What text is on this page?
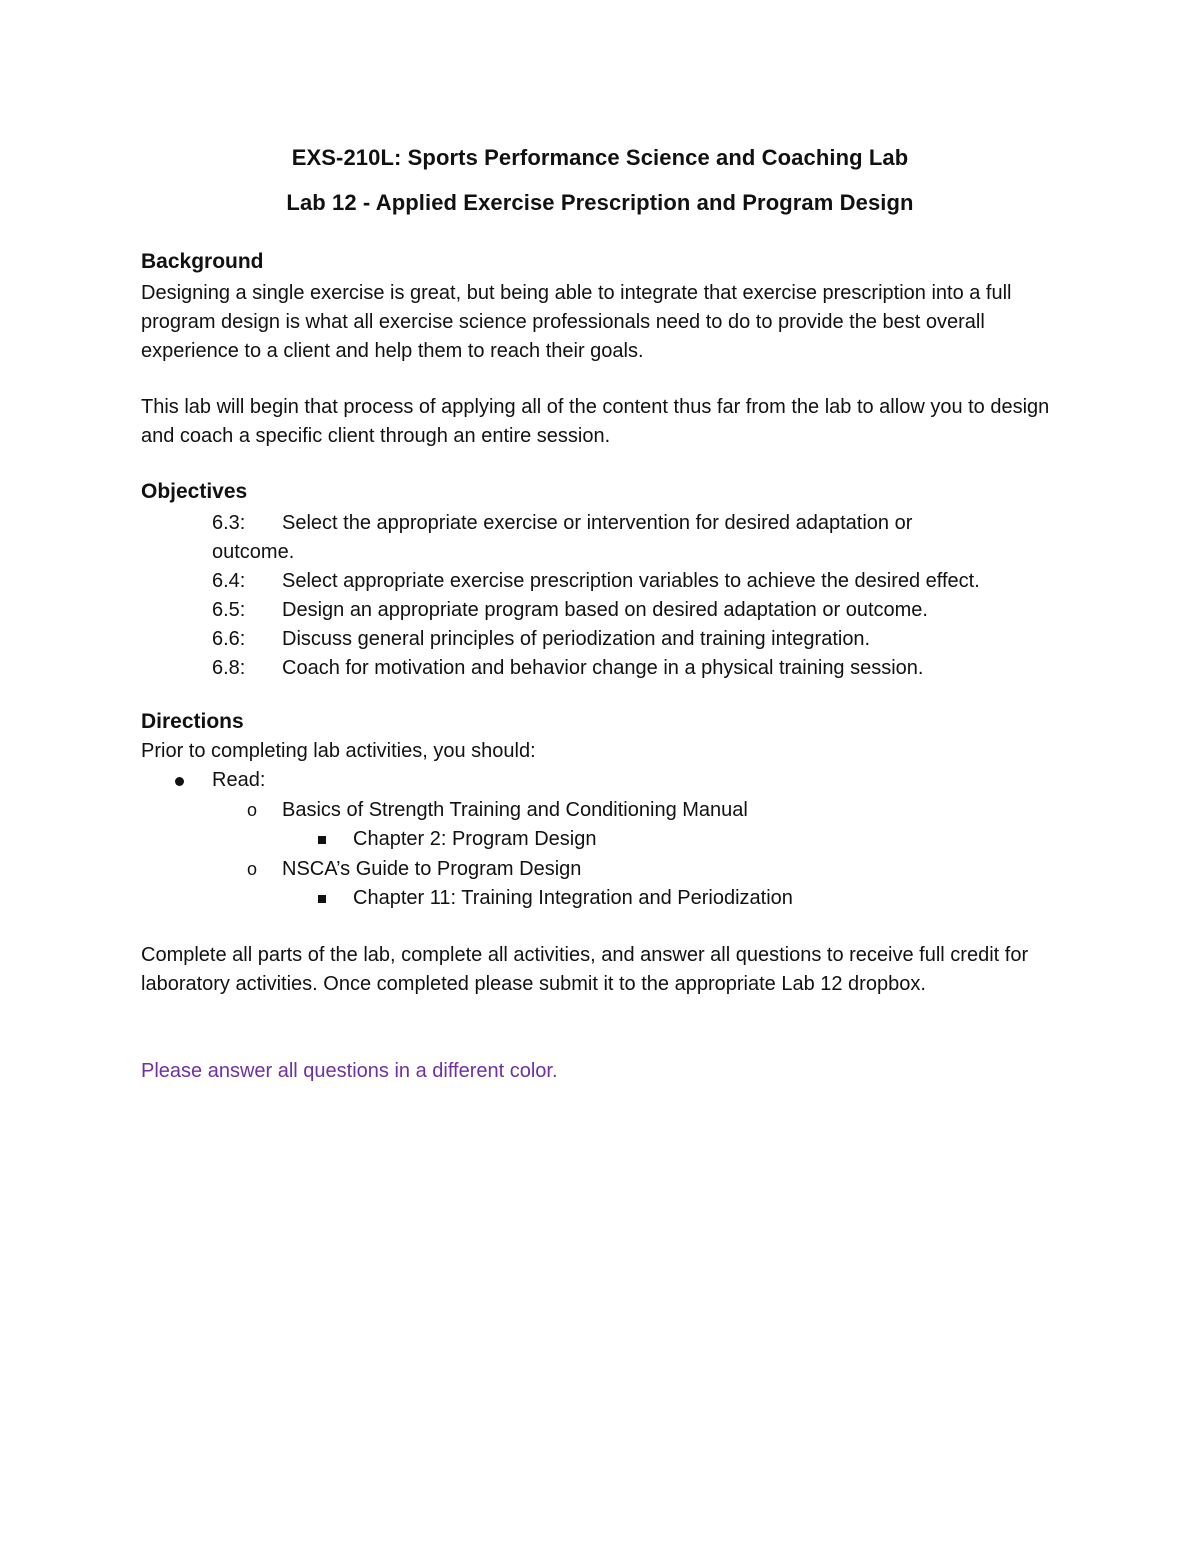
EXS-210L: Sports Performance Science and Coaching Lab
Lab 12 - Applied Exercise Prescription and Program Design
Background

Designing a single exercise is great, but being able to integrate that exercise prescription into a full program design is what all exercise science professionals need to do to provide the best overall experience to a client and help them to reach their goals.

This lab will begin that process of applying all of the content thus far from the lab to allow you to design and coach a specific client through an entire session.

Objectives
6.3: Select the appropriate exercise or intervention for desired adaptation or
outcome.
6.4: Select appropriate exercise prescription variables to achieve the desired effect.
6.5: Design an appropriate program based on desired adaptation or outcome.
6.6: Discuss general principles of periodization and training integration.
6.8: Coach for motivation and behavior change in a physical training session.
Directions

Prior to completing lab activities, you should:

Read:
o Basics of Strength Training and Conditioning Manual
Chapter 2: Program Design
o NSCA’s Guide to Program Design
Chapter 11: Training Integration and Periodization

Complete all parts of the lab, complete all activities, and answer all questions to receive full credit for laboratory activities. Once completed please submit it to the appropriate Lab 12 dropbox.

Please answer all questions in a different color.
